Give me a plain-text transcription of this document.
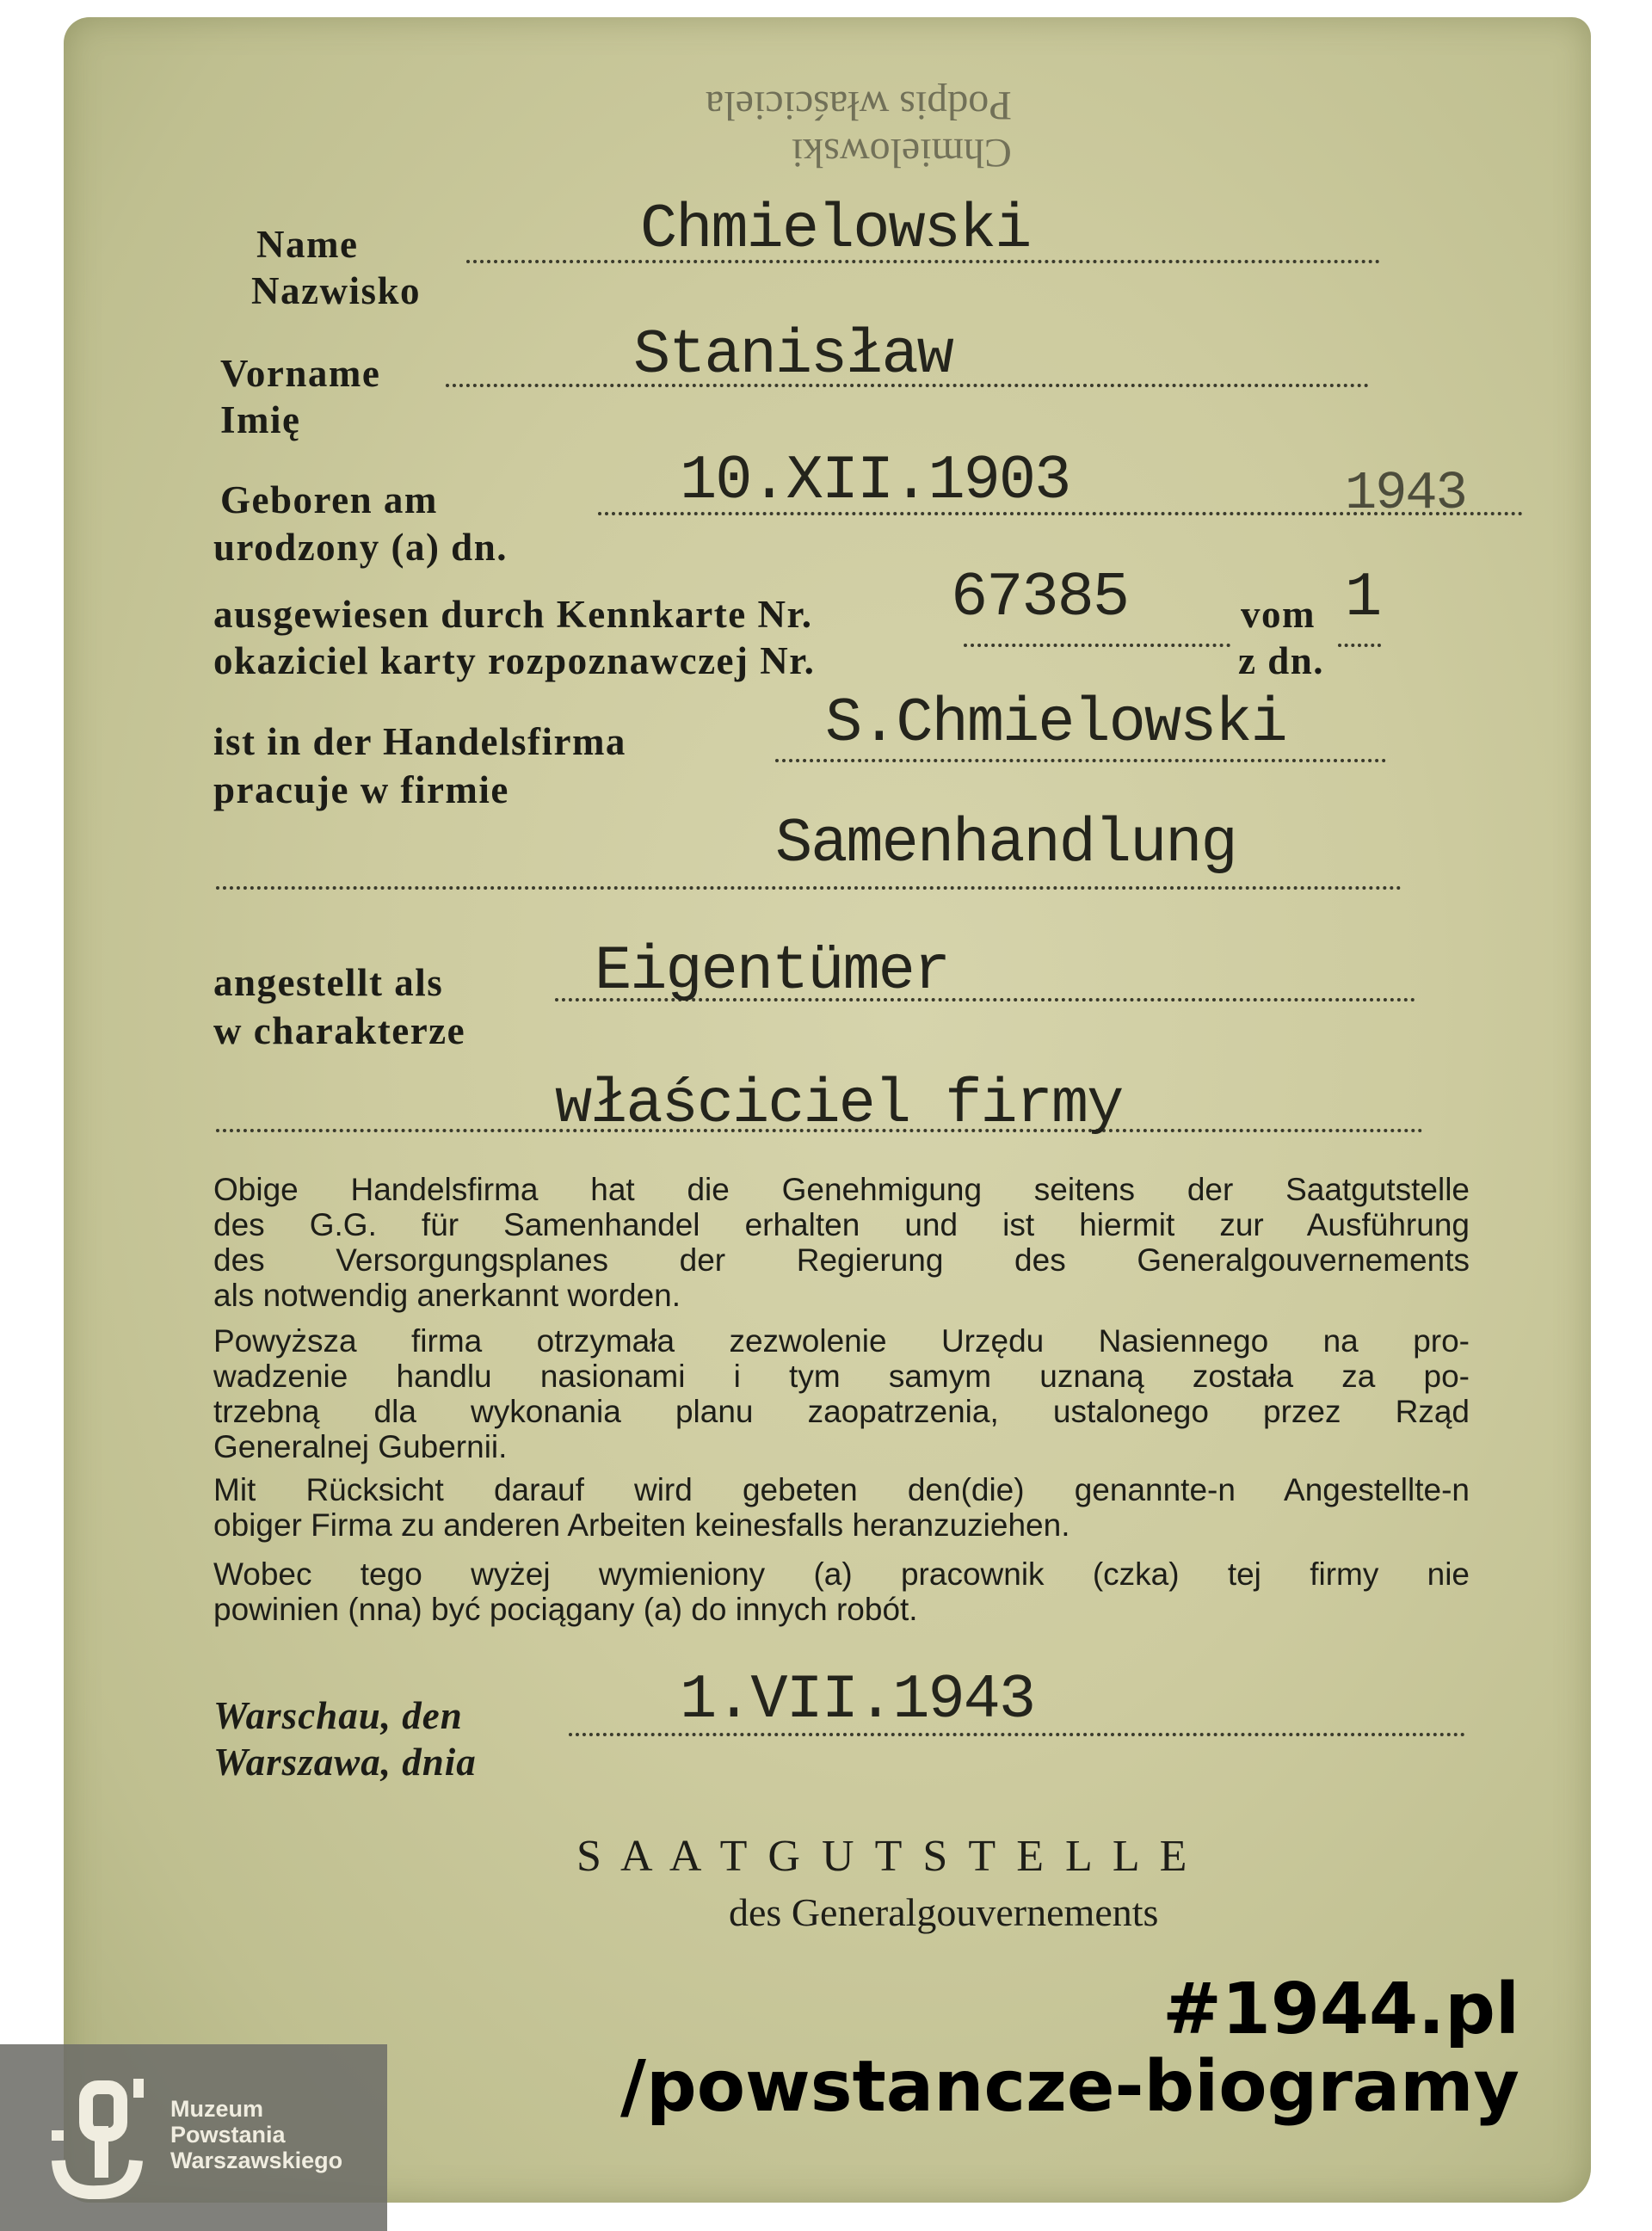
Chmielowski
Podpis właściciela
Name
Nazwisko
Chmielowski
Vorname
Imię
Stanisław
Geboren am
urodzony (a) dn.
10.XII.1903	1943
ausgewiesen durch Kennkarte Nr.
okaziciel karty rozpoznawczej Nr.
67385	vom
z dn.
1
ist in der Handelsfirma
pracuje w firmie
S.Chmielowski
Samenhandlung
angestellt als
w charakterze
Eigentümer
właściciel firmy
Obige Handelsfirma hat die Genehmigung seitens der Saatgutstelle
des G.G. für Samenhandel erhalten und ist hiermit zur Ausführung
des Versorgungsplanes der Regierung des Generalgouvernements
als notwendig anerkannt worden.
Powyższa firma otrzymała zezwolenie Urzędu Nasiennego na pro-
wadzenie handlu nasionami i tym samym uznaną została za po-
trzebną dla wykonania planu zaopatrzenia, ustalonego przez Rząd
Generalnej Gubernii.
Mit Rücksicht darauf wird gebeten den(die) genannte-n Angestellte-n
obiger Firma zu anderen Arbeiten keinesfalls heranzuziehen.
Wobec tego wyżej wymieniony (a) pracownik (czka) tej firmy nie
powinien (nna) być pociągany (a) do innych robót.
Warschau, den
Warszawa, dnia
1.VII.1943
S A A T G U T S T E L L E
des Generalgouvernements
#1944.pl
/powstancze-biogramy
Muzeum
Powstania
Warszawskiego
